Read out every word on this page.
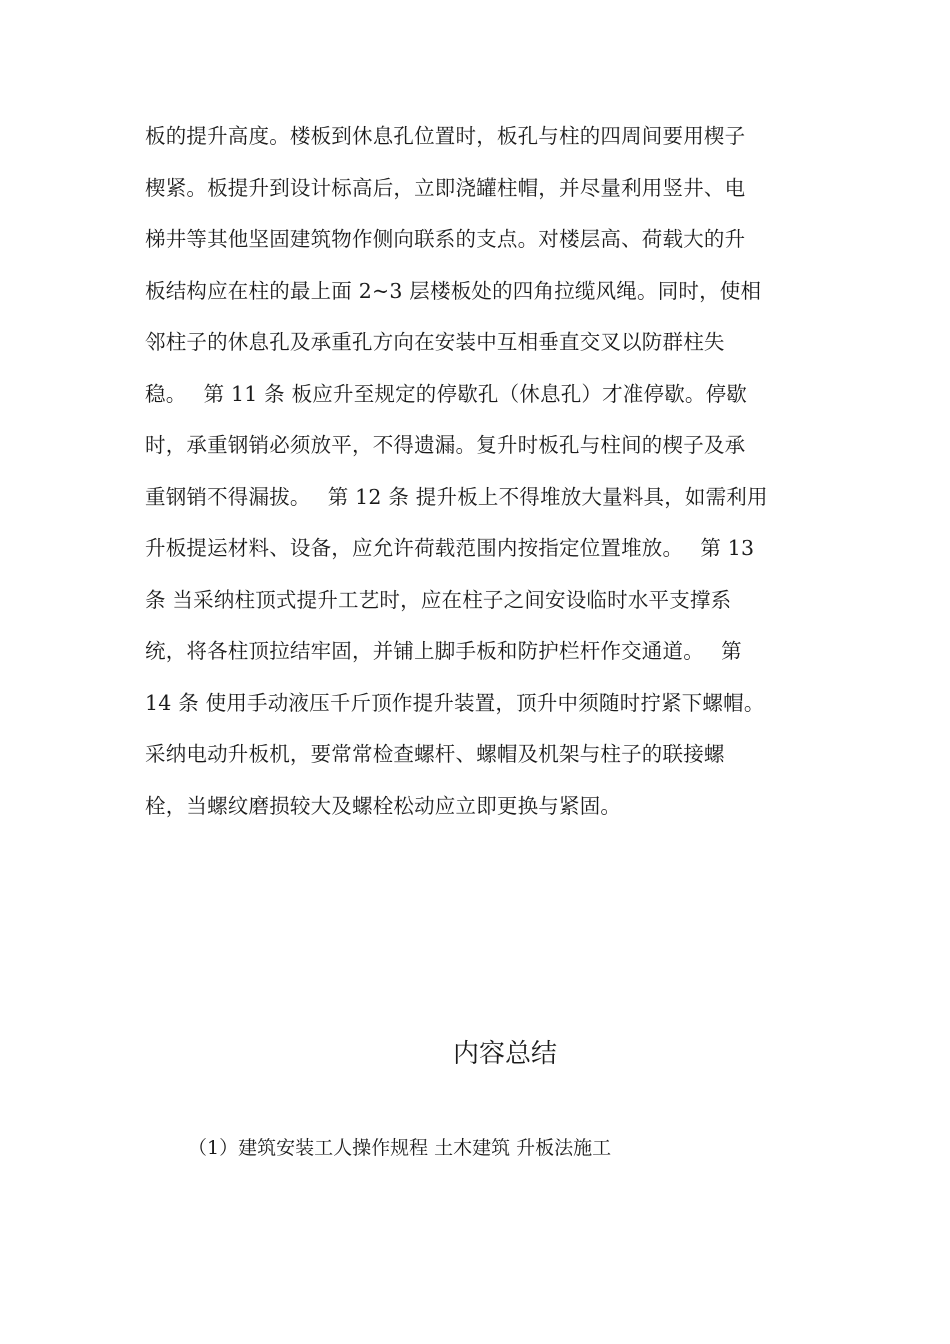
板的提升高度。楼板到休息孔位置时，板孔与柱的四周间要用楔子
楔紧。板提升到设计标高后，立即浇罐柱帽，并尽量利用竖井、电
梯井等其他坚固建筑物作侧向联系的支点。对楼层高、荷载大的升
板结构应在柱的最上面 2~3 层楼板处的四角拉缆风绳。同时，使相
邻柱子的休息孔及承重孔方向在安装中互相垂直交叉以防群柱失
稳。　 第 11 条 板应升至规定的停歇孔（休息孔）才准停歇。停歇
时，承重钢销必须放平，不得遗漏。复升时板孔与柱间的楔子及承
重钢销不得漏拔。　 第 12 条 提升板上不得堆放大量料具，如需利用
升板提运材料、设备，应允许荷载范围内按指定位置堆放。　 第 13
条 当采纳柱顶式提升工艺时，应在柱子之间安设临时水平支撑系
统，将各柱顶拉结牢固，并铺上脚手板和防护栏杆作交通道。　 第
14 条 使用手动液压千斤顶作提升装置，顶升中须随时拧紧下螺帽。
采纳电动升板机，要常常检查螺杆、螺帽及机架与柱子的联接螺
栓，当螺纹磨损较大及螺栓松动应立即更换与紧固。
内容总结

（1）建筑安装工人操作规程 土木建筑 升板法施工
